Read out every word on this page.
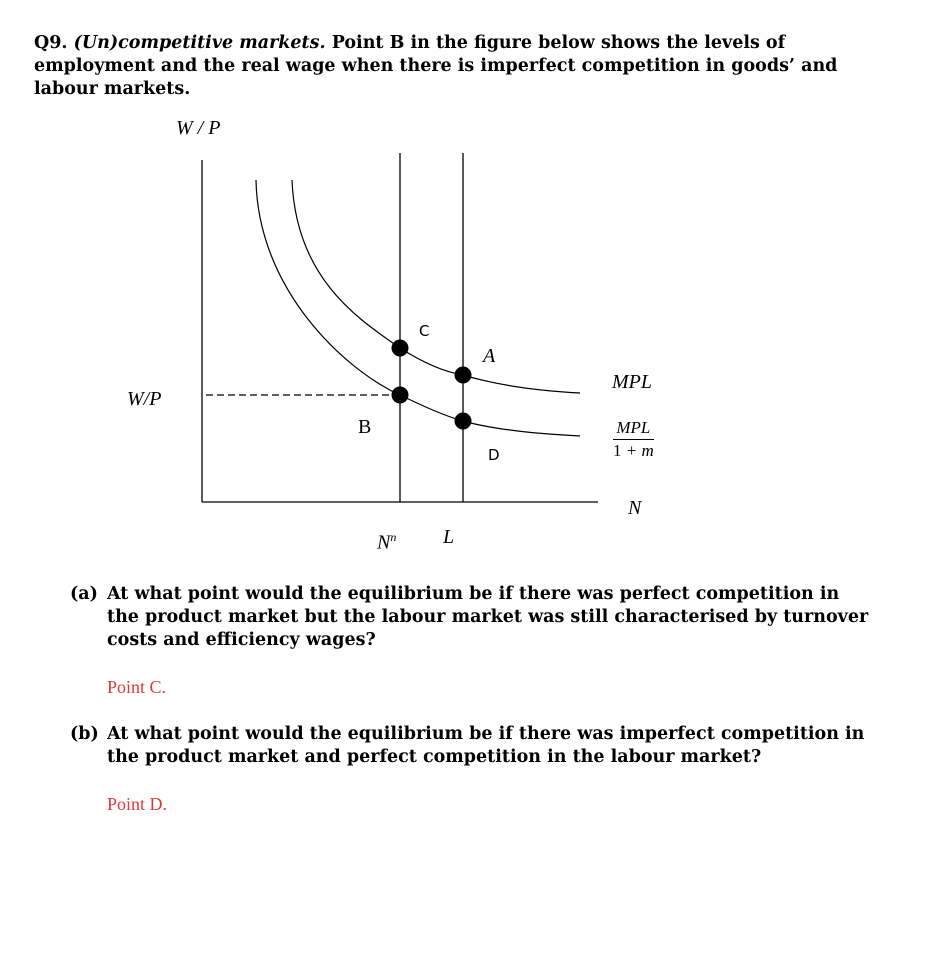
Q9. (Un)competitive markets. Point B in the figure below shows the levels of employment and the real wage when there is imperfect competition in goods’ and labour markets.
W / P
W/P
C
A
B
D
MPL
MPL
1 + m
N
$N^n$ L
(a) At what point would the equilibrium be if there was perfect competition in the product market but the labour market was still characterised by turnover costs and efficiency wages?
Point C.
(b) At what point would the equilibrium be if there was imperfect competition in the product market and perfect competition in the labour market?
Point D.
